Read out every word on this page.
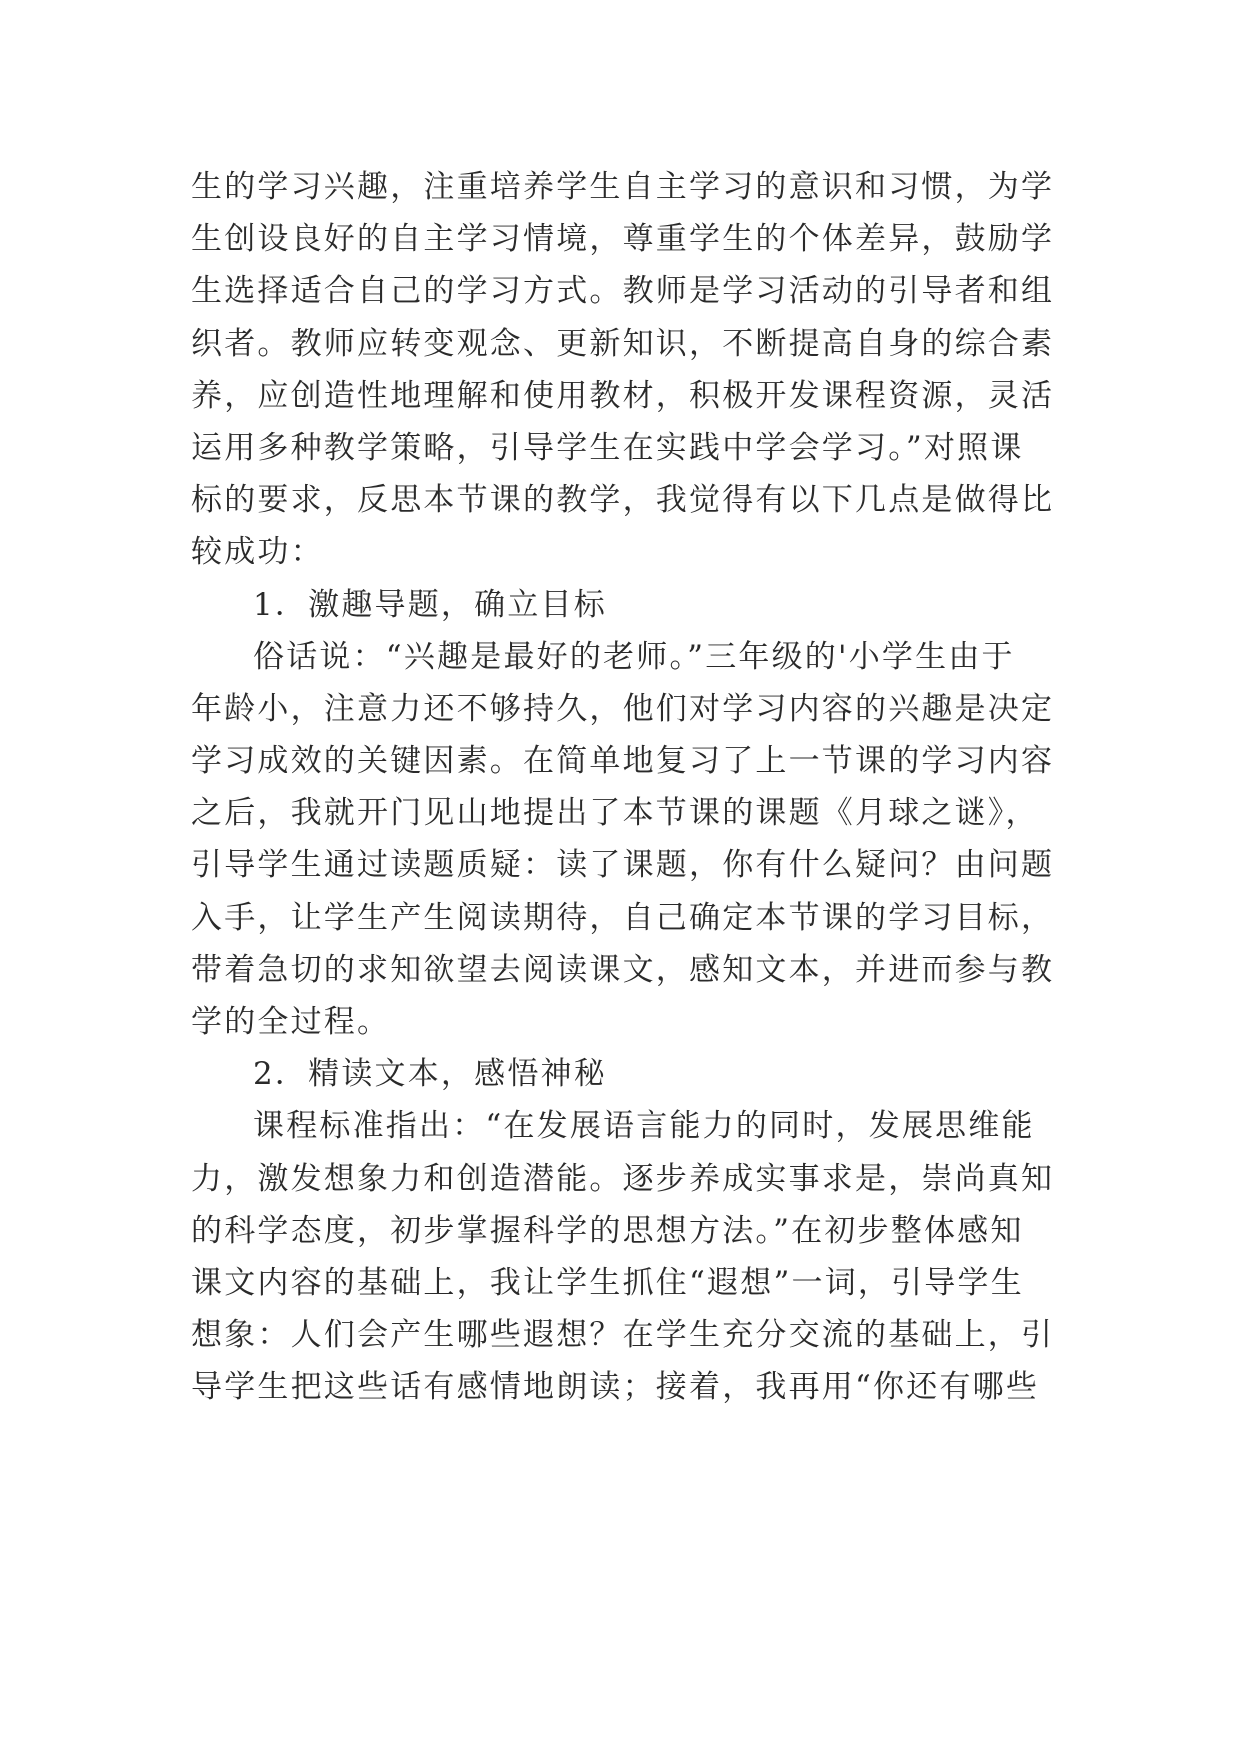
生的学习兴趣，注重培养学生自主学习的意识和习惯，为学
生创设良好的自主学习情境，尊重学生的个体差异，鼓励学
生选择适合自己的学习方式。教师是学习活动的引导者和组
织者。教师应转变观念、更新知识，不断提高自身的综合素
养，应创造性地理解和使用教材，积极开发课程资源，灵活
运用多种教学策略，引导学生在实践中学会学习。”对照课
标的要求，反思本节课的教学，我觉得有以下几点是做得比
较成功：
1．激趣导题，确立目标
俗话说：“兴趣是最好的老师。”三年级的'小学生由于
年龄小，注意力还不够持久，他们对学习内容的兴趣是决定
学习成效的关键因素。在简单地复习了上一节课的学习内容
之后，我就开门见山地提出了本节课的课题《月球之谜》，
引导学生通过读题质疑：读了课题，你有什么疑问？由问题
入手，让学生产生阅读期待，自己确定本节课的学习目标，
带着急切的求知欲望去阅读课文，感知文本，并进而参与教
学的全过程。
2．精读文本，感悟神秘
课程标准指出：“在发展语言能力的同时，发展思维能
力，激发想象力和创造潜能。逐步养成实事求是，崇尚真知
的科学态度，初步掌握科学的思想方法。”在初步整体感知
课文内容的基础上，我让学生抓住“遐想”一词，引导学生
想象：人们会产生哪些遐想？在学生充分交流的基础上，引
导学生把这些话有感情地朗读；接着，我再用“你还有哪些
